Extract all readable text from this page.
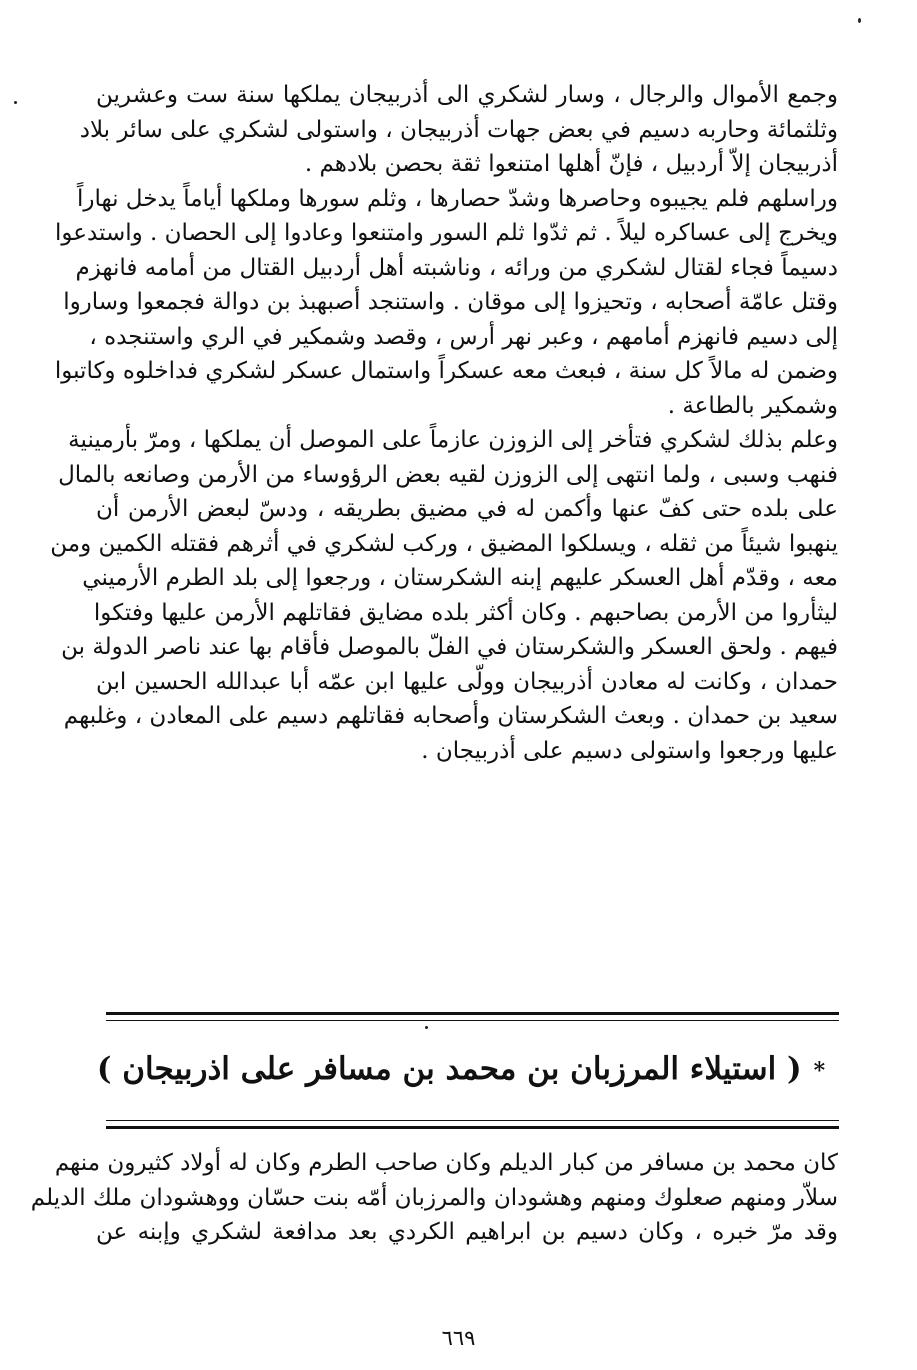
وجمع الأموال والرجال ، وسار لشكري الى أذربيجان يملكها سنة ست وعشرين
وثلثمائة وحاربه دسيم في بعض جهات أذربيجان ، واستولى لشكري على سائر بلاد
أذربيجان إلاّ أردبيل ، فإنّ أهلها امتنعوا ثقة بحصن بلادهم .

وراسلهم فلم يجيبوه وحاصرها وشدّ حصارها ، وثلم سورها وملكها أياماً يدخل نهاراً
ويخرج إلى عساكره ليلاً . ثم ثدّوا ثلم السور وامتنعوا وعادوا إلى الحصان . واستدعوا
دسيماً فجاء لقتال لشكري من ورائه ، وناشبته أهل أردبيل القتال من أمامه فانهزم
وقتل عامّة أصحابه ، وتحيزوا إلى موقان . واستنجد أصبهبذ بن دوالة فجمعوا وساروا
إلى دسيم فانهزم أمامهم ، وعبر نهر أرس ، وقصد وشمكير في الري واستنجده ،
وضمن له مالاً كل سنة ، فبعث معه عسكراً واستمال عسكر لشكري فداخلوه وكاتبوا
وشمكير بالطاعة .

وعلم بذلك لشكري فتأخر إلى الزوزن عازماً على الموصل أن يملكها ، ومرّ بأرمينية
فنهب وسبى ، ولما انتهى إلى الزوزن لقيه بعض الرؤوساء من الأرمن وصانعه بالمال
على بلده حتى كفّ عنها وأكمن له في مضيق بطريقه ، ودسّ لبعض الأرمن أن
ينهبوا شيئاً من ثقله ، ويسلكوا المضيق ، وركب لشكري في أثرهم فقتله الكمين ومن
معه ، وقدّم أهل العسكر عليهم إبنه الشكرستان ، ورجعوا إلى بلد الطرم الأرميني
ليثأروا من الأرمن بصاحبهم . وكان أكثر بلده مضايق فقاتلهم الأرمن عليها وفتكوا
فيهم . ولحق العسكر والشكرستان في الفلّ بالموصل فأقام بها عند ناصر الدولة بن
حمدان ، وكانت له معادن أذربيجان وولّى عليها ابن عمّه أبا عبدالله الحسين ابن
سعيد بن حمدان . وبعث الشكرستان وأصحابه فقاتلهم دسيم على المعادن ، وغلبهم
عليها ورجعوا واستولى دسيم على أذربيجان .

*( استيلاء المرزبان بن محمد بن مسافر على اذربيجان )

كان محمد بن مسافر من كبار الديلم وكان صاحب الطرم وكان له أولاد كثيرون منهم
سلاّر ومنهم صعلوك ومنهم وهشودان والمرزبان أمّه بنت حسّان ووهشودان ملك الديلم
وقد مرّ خبره ، وكان دسيم بن ابراهيم الكردي بعد مدافعة لشكري وإبنه عن

٦٦٩
